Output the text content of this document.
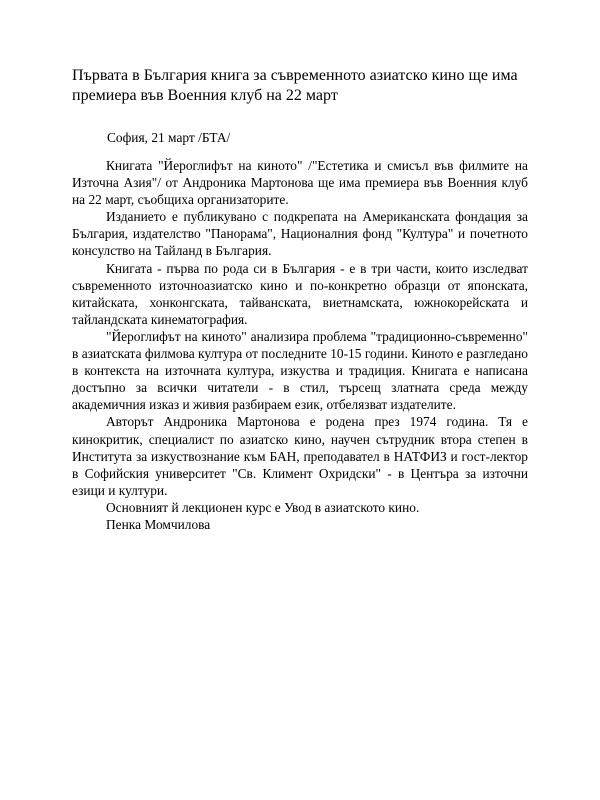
Първата в България книга за съвременното азиатско кино ще има премиера във Военния клуб на 22 март

София, 21 март /БТА/

Книгата "Йероглифът на киното" /"Естетика и смисъл във филмите на Източна Азия"/ от Андроника Мартонова ще има премиера във Военния клуб на 22 март, съобщиха организаторите.

Изданието е публикувано с подкрепата на Американската фондация за България, издателство "Панорама", Националния фонд "Култура" и почетното консулство на Тайланд в България.

Книгата - първа по рода си в България - е в три части, които изследват съвременното източноазиатско кино и по-конкретно образци от японската, китайската, хонконгската, тайванската, виетнамската, южнокорейската и тайландската кинематография.

"Йероглифът на киното" анализира проблема "традиционно-съвременно" в азиатската филмова култура от последните 10-15 години. Киното е разгледано в контекста на източната култура, изкуства и традиция. Книгата е написана достъпно за всички читатели - в стил, търсещ златната среда между академичния изказ и живия разбираем език, отбелязват издателите.

Авторът Андроника Мартонова е родена през 1974 година. Тя е кинокритик, специалист по азиатско кино, научен сътрудник втора степен в Института за изкуствознание към БАН, преподавател в НАТФИЗ и гост-лектор в Софийския университет "Св. Климент Охридски" - в Центъра за източни езици и култури.

Основният й лекционен курс е Увод в азиатското кино.

Пенка Момчилова
